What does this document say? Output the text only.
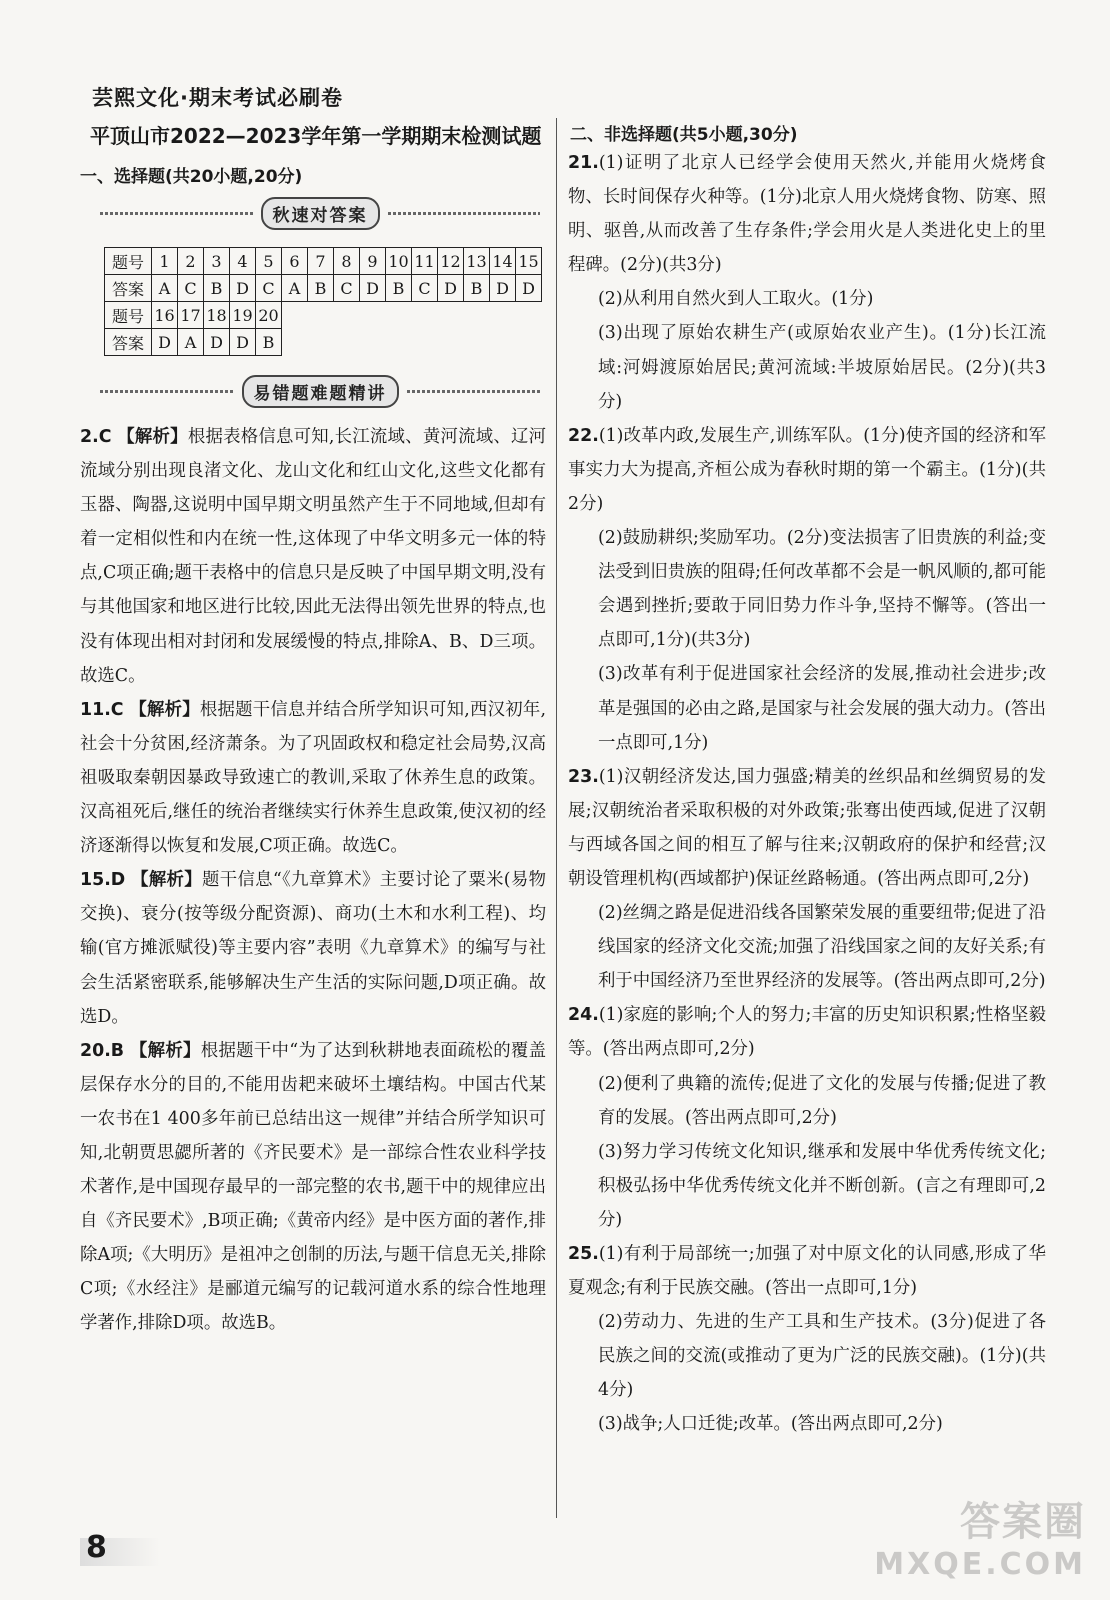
芸熙文化·期末考试必刷卷
平顶山市2022—2023学年第一学期期末检测试题
一、选择题(共20小题,20分)
秋速对答案
题号	1	2	3	4	5	6	7	8	9	10	11	12	13	14	15
答案	A	C	B	D	C	A	B	C	D	B	C	D	B	D	D
题号	16	17	18	19	20										
答案	D	A	D	D	B										
易错题难题精讲
2.C 【解析】根据表格信息可知,长江流域、黄河流域、辽河流域分别出现良渚文化、龙山文化和红山文化,这些文化都有玉器、陶器,这说明中国早期文明虽然产生于不同地域,但却有着一定相似性和内在统一性,这体现了中华文明多元一体的特点,C项正确;题干表格中的信息只是反映了中国早期文明,没有与其他国家和地区进行比较,因此无法得出领先世界的特点,也没有体现出相对封闭和发展缓慢的特点,排除A、B、D三项。故选C。
11.C 【解析】根据题干信息并结合所学知识可知,西汉初年,社会十分贫困,经济萧条。为了巩固政权和稳定社会局势,汉高祖吸取秦朝因暴政导致速亡的教训,采取了休养生息的政策。汉高祖死后,继任的统治者继续实行休养生息政策,使汉初的经济逐渐得以恢复和发展,C项正确。故选C。
15.D 【解析】题干信息“《九章算术》主要讨论了粟米(易物交换)、衰分(按等级分配资源)、商功(土木和水利工程)、均输(官方摊派赋役)等主要内容”表明《九章算术》的编写与社会生活紧密联系,能够解决生产生活的实际问题,D项正确。故选D。
20.B 【解析】根据题干中“为了达到秋耕地表面疏松的覆盖层保存水分的目的,不能用齿耙来破坏土壤结构。中国古代某一农书在1 400多年前已总结出这一规律”并结合所学知识可知,北朝贾思勰所著的《齐民要术》是一部综合性农业科学技术著作,是中国现存最早的一部完整的农书,题干中的规律应出自《齐民要术》,B项正确;《黄帝内经》是中医方面的著作,排除A项;《大明历》是祖冲之创制的历法,与题干信息无关,排除C项;《水经注》是郦道元编写的记载河道水系的综合性地理学著作,排除D项。故选B。
二、非选择题(共5小题,30分)

21.(1)证明了北京人已经学会使用天然火,并能用火烧烤食物、长时间保存火种等。(1分)北京人用火烧烤食物、防寒、照明、驱兽,从而改善了生存条件;学会用火是人类进化史上的里程碑。(2分)(共3分)

(2)从利用自然火到人工取火。(1分)

(3)出现了原始农耕生产(或原始农业产生)。(1分)长江流域:河姆渡原始居民;黄河流域:半坡原始居民。(2分)(共3分)

22.(1)改革内政,发展生产,训练军队。(1分)使齐国的经济和军事实力大为提高,齐桓公成为春秋时期的第一个霸主。(1分)(共2分)

(2)鼓励耕织;奖励军功。(2分)变法损害了旧贵族的利益;变法受到旧贵族的阻碍;任何改革都不会是一帆风顺的,都可能会遇到挫折;要敢于同旧势力作斗争,坚持不懈等。(答出一点即可,1分)(共3分)

(3)改革有利于促进国家社会经济的发展,推动社会进步;改革是强国的必由之路,是国家与社会发展的强大动力。(答出一点即可,1分)

23.(1)汉朝经济发达,国力强盛;精美的丝织品和丝绸贸易的发展;汉朝统治者采取积极的对外政策;张骞出使西域,促进了汉朝与西域各国之间的相互了解与往来;汉朝政府的保护和经营;汉朝设管理机构(西域都护)保证丝路畅通。(答出两点即可,2分)

(2)丝绸之路是促进沿线各国繁荣发展的重要纽带;促进了沿线国家的经济文化交流;加强了沿线国家之间的友好关系;有利于中国经济乃至世界经济的发展等。(答出两点即可,2分)

24.(1)家庭的影响;个人的努力;丰富的历史知识积累;性格坚毅等。(答出两点即可,2分)

(2)便利了典籍的流传;促进了文化的发展与传播;促进了教育的发展。(答出两点即可,2分)

(3)努力学习传统文化知识,继承和发展中华优秀传统文化;积极弘扬中华优秀传统文化并不断创新。(言之有理即可,2分)

25.(1)有利于局部统一;加强了对中原文化的认同感,形成了华夏观念;有利于民族交融。(答出一点即可,1分)

(2)劳动力、先进的生产工具和生产技术。(3分)促进了各民族之间的交流(或推动了更为广泛的民族交融)。(1分)(共4分)

(3)战争;人口迁徙;改革。(答出两点即可,2分)

8
答案圈
MXQE.COM
